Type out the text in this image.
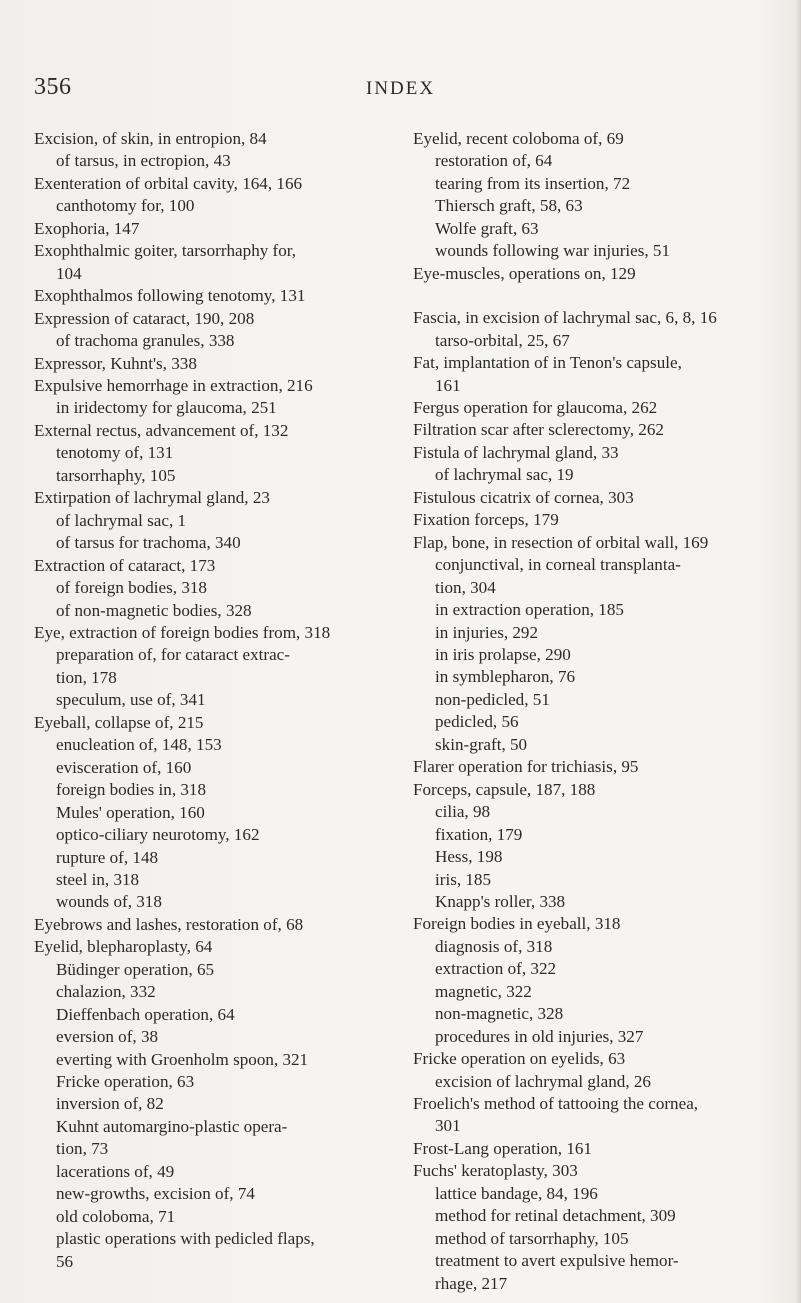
356	INDEX
Excision, of skin, in entropion, 84
of tarsus, in ectropion, 43
Exenteration of orbital cavity, 164, 166
canthotomy for, 100
Exophoria, 147
Exophthalmic goiter, tarsorrhaphy for,
104
Exophthalmos following tenotomy, 131
Expression of cataract, 190, 208
of trachoma granules, 338
Expressor, Kuhnt's, 338
Expulsive hemorrhage in extraction, 216
in iridectomy for glaucoma, 251
External rectus, advancement of, 132
tenotomy of, 131
tarsorrhaphy, 105
Extirpation of lachrymal gland, 23
of lachrymal sac, 1
of tarsus for trachoma, 340
Extraction of cataract, 173
of foreign bodies, 318
of non-magnetic bodies, 328
Eye, extraction of foreign bodies from, 318
preparation of, for cataract extrac-
tion, 178
speculum, use of, 341
Eyeball, collapse of, 215
enucleation of, 148, 153
evisceration of, 160
foreign bodies in, 318
Mules' operation, 160
optico-ciliary neurotomy, 162
rupture of, 148
steel in, 318
wounds of, 318
Eyebrows and lashes, restoration of, 68
Eyelid, blepharoplasty, 64
Büdinger operation, 65
chalazion, 332
Dieffenbach operation, 64
eversion of, 38
everting with Groenholm spoon, 321
Fricke operation, 63
inversion of, 82
Kuhnt automargino-plastic opera-
tion, 73
lacerations of, 49
new-growths, excision of, 74
old coloboma, 71
plastic operations with pedicled flaps,
56
Eyelid, recent coloboma of, 69
restoration of, 64
tearing from its insertion, 72
Thiersch graft, 58, 63
Wolfe graft, 63
wounds following war injuries, 51
Eye-muscles, operations on, 129
Fascia, in excision of lachrymal sac, 6, 8, 16
tarso-orbital, 25, 67
Fat, implantation of in Tenon's capsule,
161
Fergus operation for glaucoma, 262
Filtration scar after sclerectomy, 262
Fistula of lachrymal gland, 33
of lachrymal sac, 19
Fistulous cicatrix of cornea, 303
Fixation forceps, 179
Flap, bone, in resection of orbital wall, 169
conjunctival, in corneal transplanta-
tion, 304
in extraction operation, 185
in injuries, 292
in iris prolapse, 290
in symblepharon, 76
non-pedicled, 51
pedicled, 56
skin-graft, 50
Flarer operation for trichiasis, 95
Forceps, capsule, 187, 188
cilia, 98
fixation, 179
Hess, 198
iris, 185
Knapp's roller, 338
Foreign bodies in eyeball, 318
diagnosis of, 318
extraction of, 322
magnetic, 322
non-magnetic, 328
procedures in old injuries, 327
Fricke operation on eyelids, 63
excision of lachrymal gland, 26
Froelich's method of tattooing the cornea,
301
Frost-Lang operation, 161
Fuchs' keratoplasty, 303
lattice bandage, 84, 196
method for retinal detachment, 309
method of tarsorrhaphy, 105
treatment to avert expulsive hemor-
rhage, 217
